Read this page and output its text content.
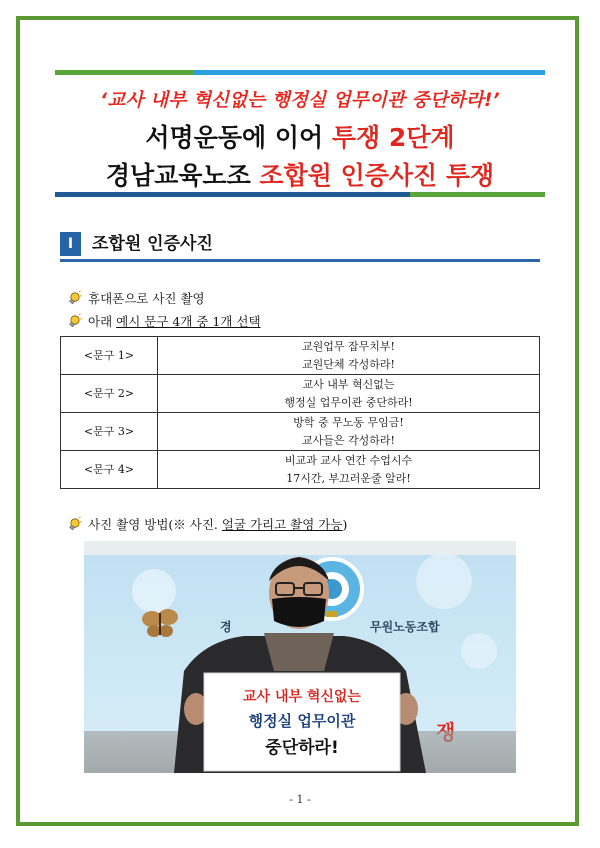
‘교사 내부 혁신없는 행정실 업무이관 중단하라!’
서명운동에 이어 투쟁 2단계
경남교육노조 조합원 인증사진 투쟁
Ⅰ	조합원 인증사진
휴대폰으로 사진 촬영
아래 예시 문구 4개 중 1개 선택
<문구 1>	교원업무 잡무치부!
교원단체 각성하라!

<문구 2>	교사 내부 혁신없는
행정실 업무이관 중단하라!

<문구 3>	방학 중 무노동 무임금!
교사들은 각성하라!

<문구 4>	비교과 교사 연간 수업시수
17시간, 부끄러운줄 알라!
사진 촬영 방법(※ 사진. 얼굴 가리고 촬영 가능)
경	무원노동조합
교사 내부 혁신없는
행정실 업무이관
중단하라!
- 1 -
